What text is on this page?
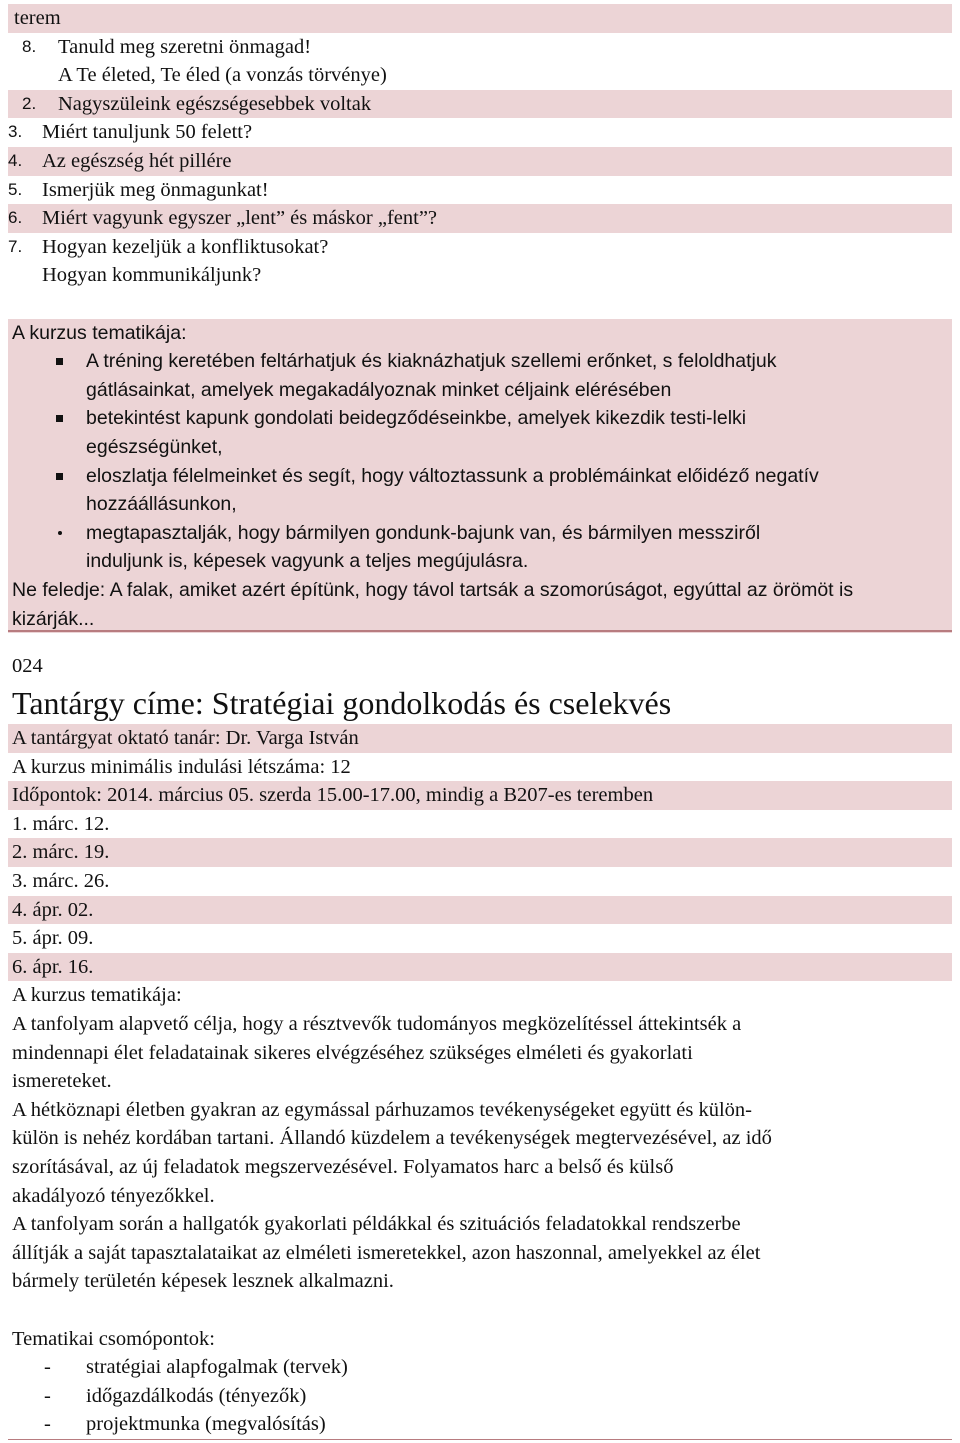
terem
8. Tanuld meg szeretni önmagad!
A Te életed, Te éled (a vonzás törvénye)
2. Nagyszüleink egészségesebbek voltak
3. Miért tanuljunk 50 felett?
4. Az egészség hét pillére
5. Ismerjük meg önmagunkat!
6. Miért vagyunk egyszer „lent” és máskor „fent”?
7. Hogyan kezeljük a konfliktusokat?
Hogyan kommunikáljunk?
A kurzus tematikája:
A tréning keretében feltárhatjuk és kiaknázhatjuk szellemi erőnket, s feloldhatjuk
gátlásainkat, amelyek megakadályoznak minket céljaink elérésében
betekintést kapunk gondolati beidegződéseinkbe, amelyek kikezdik testi-lelki
egészségünket,
eloszlatja félelmeinket és segít, hogy változtassunk a problémáinkat előidéző negatív
hozzáállásunkon,
megtapasztalják, hogy bármilyen gondunk-bajunk van, és bármilyen messziről
induljunk is, képesek vagyunk a teljes megújulásra.
Ne feledje: A falak, amiket azért építünk, hogy távol tartsák a szomorúságot, egyúttal az örömöt is
kizárják...
024
Tantárgy címe: Stratégiai gondolkodás és cselekvés
A tantárgyat oktató tanár: Dr. Varga István
A kurzus minimális indulási létszáma: 12
Időpontok: 2014. március 05. szerda 15.00-17.00, mindig a B207-es teremben
1. márc. 12.
2. márc. 19.
3. márc. 26.
4. ápr. 02.
5. ápr. 09.
6. ápr. 16.
A kurzus tematikája:
A tanfolyam alapvető célja, hogy a résztvevők tudományos megközelítéssel áttekintsék a
mindennapi élet feladatainak sikeres elvégzéséhez szükséges elméleti és gyakorlati
ismereteket.
A hétköznapi életben gyakran az egymással párhuzamos tevékenységeket együtt és külön-
külön is nehéz kordában tartani. Állandó küzdelem a tevékenységek megtervezésével, az idő
szorításával, az új feladatok megszervezésével. Folyamatos harc a belső és külső
akadályozó tényezőkkel.
A tanfolyam során a hallgatók gyakorlati példákkal és szituációs feladatokkal rendszerbe
állítják a saját tapasztalataikat az elméleti ismeretekkel, azon haszonnal, amelyekkel az élet
bármely területén képesek lesznek alkalmazni.
Tematikai csomópontok:
- stratégiai alapfogalmak (tervek)
- időgazdálkodás (tényezők)
- projektmunka (megvalósítás)
